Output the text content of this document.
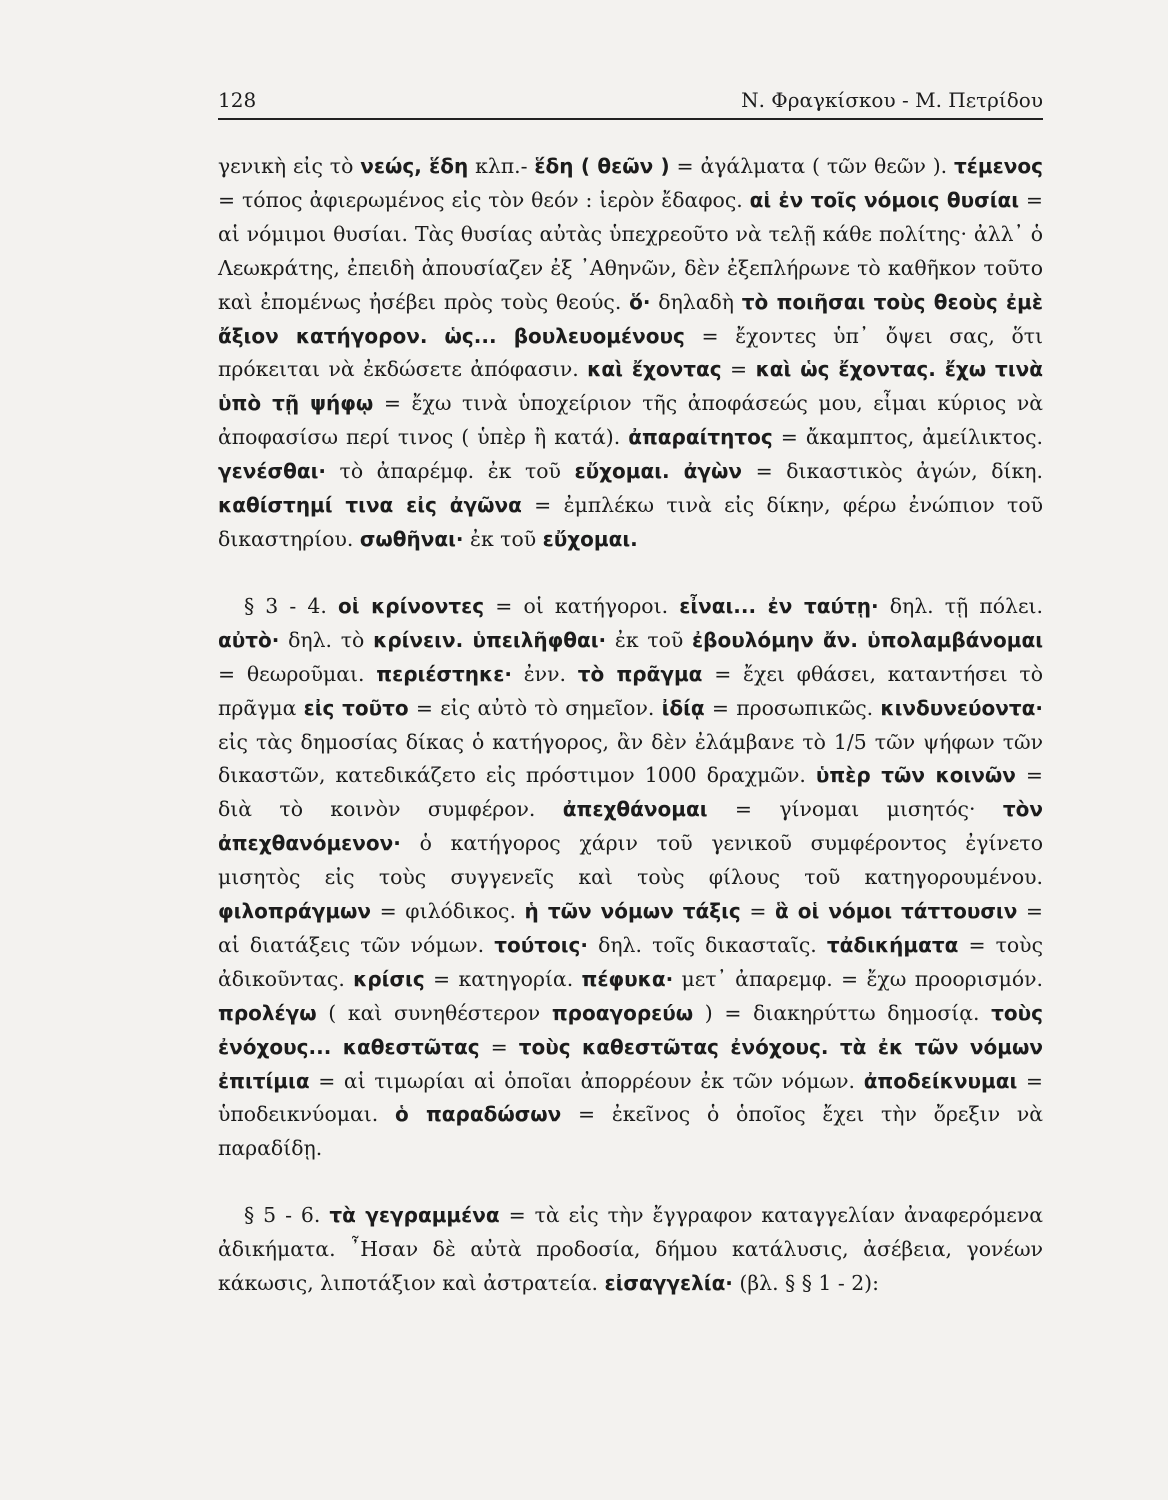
128	Ν. Φραγκίσκου - Μ. Πετρίδου

γενικὴ εἰς τὸ νεώς, ἕδη κλπ.- ἕδη ( θεῶν ) = ἀγάλματα ( τῶν θεῶν ). τέμενος = τόπος ἀφιερωμένος εἰς τὸν θεόν : ἱερὸν ἔδαφος. αἱ ἐν τοῖς νόμοις θυσίαι = αἱ νόμιμοι θυσίαι. Τὰς θυσίας αὐτὰς ὑπεχρεοῦτο νὰ τελῇ κάθε πολίτης· ἀλλ᾽ ὁ Λεωκράτης, ἐπειδὴ ἀπουσίαζεν ἐξ ᾿Αθηνῶν, δὲν ἐξεπλήρωνε τὸ καθῆκον τοῦτο καὶ ἐπομένως ἠσέβει πρὸς τοὺς θεούς. ὅ· δηλαδὴ τὸ ποιῆσαι τοὺς θεοὺς ἐμὲ ἄξιον κατήγορον. ὡς... βουλευομένους = ἔχοντες ὑπ᾽ ὄψει σας, ὅτι πρόκειται νὰ ἐκδώσετε ἀπόφασιν. καὶ ἔχοντας = καὶ ὡς ἔχοντας. ἔχω τινὰ ὑπὸ τῇ ψήφῳ = ἔχω τινὰ ὑποχείριον τῆς ἀποφάσεώς μου, εἶμαι κύριος νὰ ἀποφασίσω περί τινος ( ὑπὲρ ἢ κατά). ἀπαραίτητος = ἄκαμπτος, ἀμείλικτος. γενέσθαι· τὸ ἀπαρέμφ. ἐκ τοῦ εὔχομαι. ἀγὼν = δικαστικὸς ἀγών, δίκη. καθίστημί τινα εἰς ἀγῶνα = ἐμπλέκω τινὰ εἰς δίκην, φέρω ἐνώπιον τοῦ δικαστηρίου. σωθῆναι· ἐκ τοῦ εὔχομαι.

§ 3 - 4. οἱ κρίνοντες = οἱ κατήγοροι. εἶναι... ἐν ταύτῃ· δηλ. τῇ πόλει. αὐτὸ· δηλ. τὸ κρίνειν. ὑπειλῆφθαι· ἐκ τοῦ ἐβουλόμην ἄν. ὑπολαμβάνομαι = θεωροῦμαι. περιέστηκε· ἐνν. τὸ πρᾶγμα = ἔχει φθάσει, καταντήσει τὸ πρᾶγμα εἰς τοῦτο = εἰς αὐτὸ τὸ σημεῖον. ἰδίᾳ = προσωπικῶς. κινδυνεύοντα· εἰς τὰς δημοσίας δίκας ὁ κατήγορος, ἂν δὲν ἐλάμβανε τὸ 1/5 τῶν ψήφων τῶν δικαστῶν, κατεδικάζετο εἰς πρόστιμον 1000 δραχμῶν. ὑπὲρ τῶν κοινῶν = διὰ τὸ κοινὸν συμφέρον. ἀπεχθάνομαι = γίνομαι μισητός· τὸν ἀπεχθανόμενον· ὁ κατήγορος χάριν τοῦ γενικοῦ συμφέροντος ἐγίνετο μισητὸς εἰς τοὺς συγγενεῖς καὶ τοὺς φίλους τοῦ κατηγορουμένου. φιλοπράγμων = φιλόδικος. ἡ τῶν νόμων τάξις = ἃ οἱ νόμοι τάττουσιν = αἱ διατάξεις τῶν νόμων. τούτοις· δηλ. τοῖς δικασταῖς. τἀδικήματα = τοὺς ἀδικοῦντας. κρίσις = κατηγορία. πέφυκα· μετ᾽ ἀπαρεμφ. = ἔχω προορισμόν. προλέγω ( καὶ συνηθέστερον προαγορεύω ) = διακηρύττω δημοσίᾳ. τοὺς ἐνόχους... καθεστῶτας = τοὺς καθεστῶτας ἐνόχους. τὰ ἐκ τῶν νόμων ἐπιτίμια = αἱ τιμωρίαι αἱ ὁποῖαι ἀπορρέουν ἐκ τῶν νόμων. ἀποδείκνυμαι = ὑποδεικνύομαι. ὁ παραδώσων = ἐκεῖνος ὁ ὁποῖος ἔχει τὴν ὄρεξιν νὰ παραδίδῃ.

§ 5 - 6. τὰ γεγραμμένα = τὰ εἰς τὴν ἔγγραφον καταγγελίαν ἀναφερόμενα ἀδικήματα. ῏Ησαν δὲ αὐτὰ προδοσία, δήμου κατάλυσις, ἀσέβεια, γονέων κάκωσις, λιποτάξιον καὶ ἀστρατεία. εἰσαγγελία· (βλ. § § 1 - 2):
